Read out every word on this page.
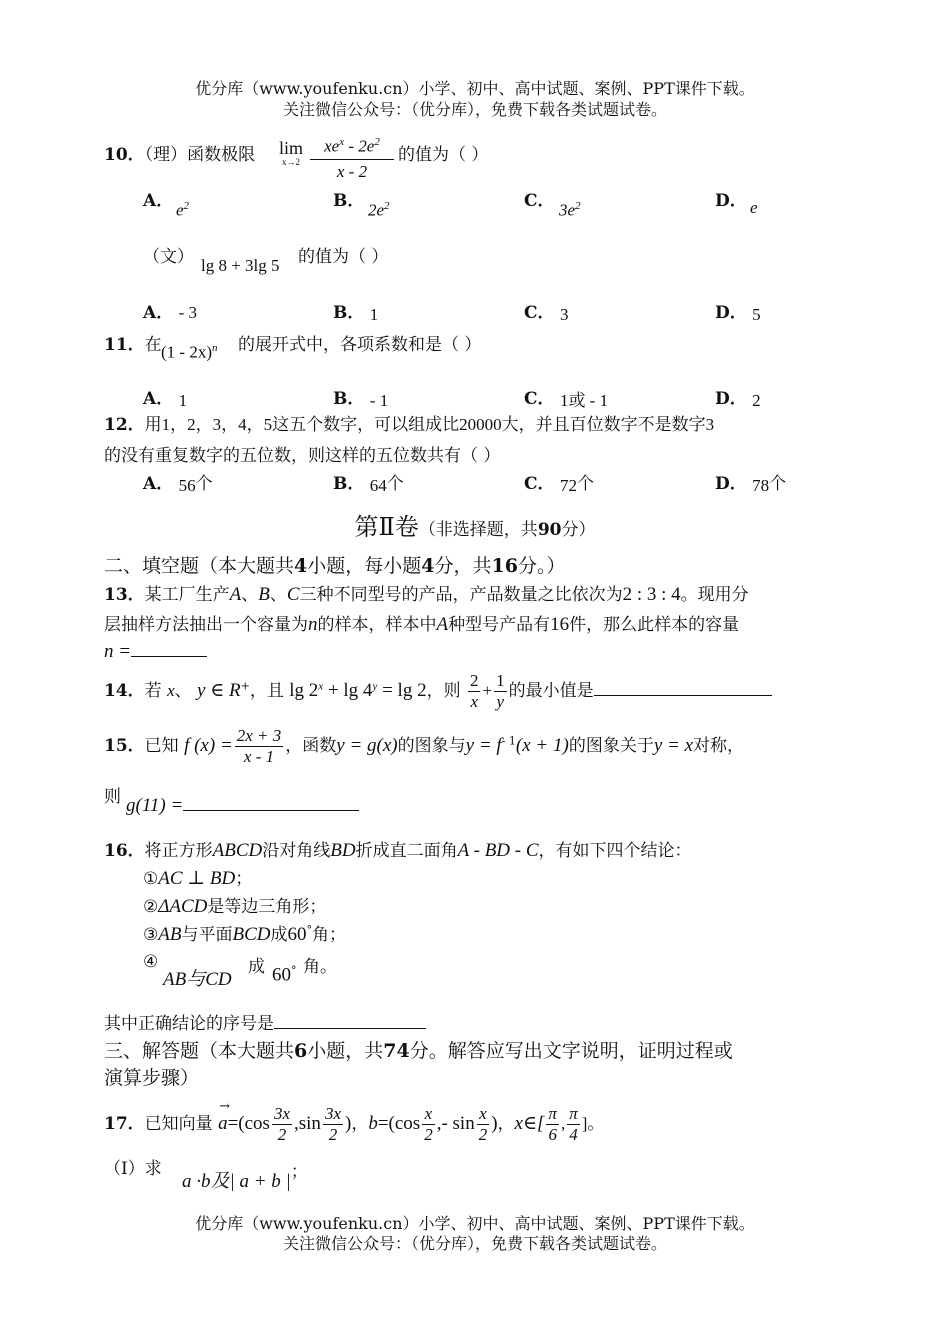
优分库（www.youfenku.cn）小学、初中、高中试题、案例、PPT课件下载。
关注微信公众号：（优分库），免费下载各类试题试卷。
10．（理）函数极限 lim
x→2
$xe^x - 2e^2$
x - 2
的值为（ ）
A． $e^2$	B． $2e^2$	C． $3e^2$	D． e
（文） lg 8 + 3lg 5 的值为（ ）
A． - 3	B． 1	C． 3	D． 5
11．在 (1 - 2x)$^n$ 的展开式中，各项系数和是（ ）
A． 1	B． - 1	C． 1或 - 1	D． 2
12．用1，2，3，4，5这五个数字，可以组成比20000大，并且百位数字不是数字3
的没有重复数字的五位数，则这样的五位数共有（ ）
A． 56个	B． 64个	C． 72个	D． 78个
第Ⅱ卷（非选择题，共90分）
二、填空题（本大题共4小题，每小题4分，共16分。）
13．某工厂生产A、B、C三种不同型号的产品，产品数量之比依次为2 : 3 : 4。现用分
层抽样方法抽出一个容量为n的样本，样本中A种型号产品有16件，那么此样本的容量
n =
14．若 x、 y ∈ R+，且 $\lg 2^x + \lg 4^y = \lg 2$，则 $\frac{2}{x} + \frac{1}{y}$ 的最小值是
15．已知 f $(x) = \frac{2x + 3}{x - 1}$ ，函数y = g(x)的图象与$y = f^{- 1}(x + 1)$的图象关于y = x对称，
则 g(11) =
16．将正方形ABCD沿对角线BD折成直二面角A - BD - C，有如下四个结论：
①AC ⊥ BD；
②ΔACD是等边三角形；
③AB与平面BCD成60°角；
④
AB与CD
成 60° 角。
其中正确结论的序号是
三、解答题（本大题共6小题，共74分。解答应写出文字说明，证明过程或
演算步骤）
17．已知向量
→
$a=(\cos \frac{3x}{2} ,\sin \frac{3x}{2}$ )，$b=(\cos \frac{x}{2}$ ,- $\sin \frac{x}{2}$ )，x∈[ $\frac{\pi}{6}$ , $\frac{\pi}{4}$ ]。
（Ⅰ）求
a ·b及| a + b |；
优分库（www.youfenku.cn）小学、初中、高中试题、案例、PPT课件下载。
关注微信公众号：（优分库），免费下载各类试题试卷。
